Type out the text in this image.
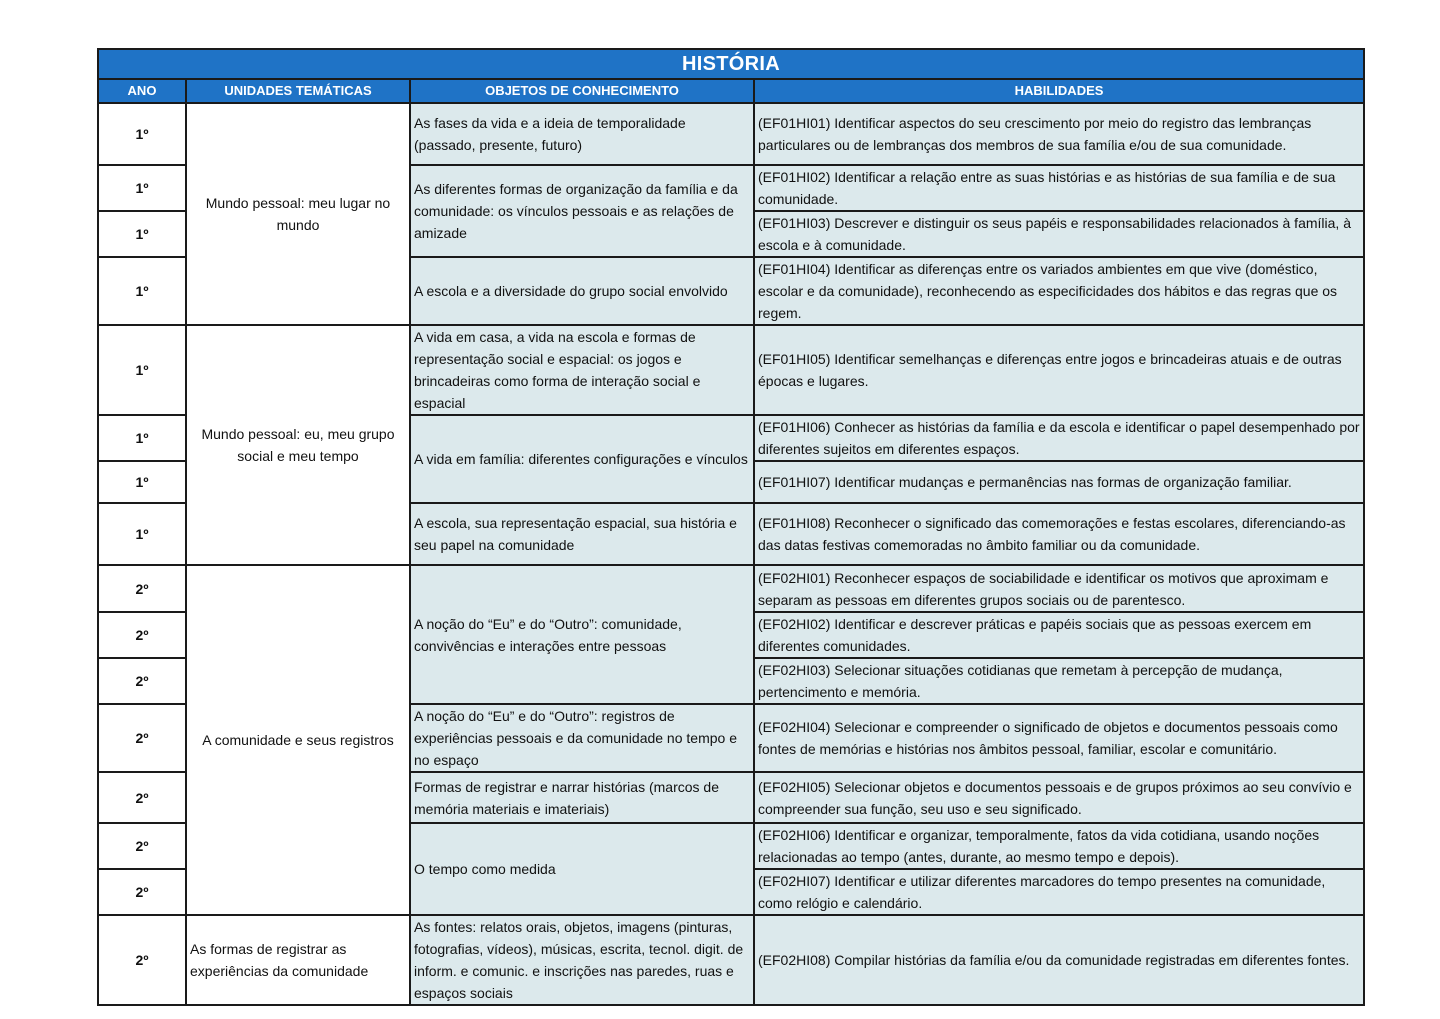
HISTÓRIA			
ANO	UNIDADES TEMÁTICAS	OBJETOS DE CONHECIMENTO	HABILIDADES
1º	Mundo pessoal: meu lugar no mundo	As fases da vida e a ideia de temporalidade (passado, presente, futuro)	(EF01HI01) Identificar aspectos do seu crescimento por meio do registro das lembranças particulares ou de lembranças dos membros de sua família e/ou de sua comunidade.
1º		As diferentes formas de organização da família e da comunidade: os vínculos pessoais e as relações de amizade	(EF01HI02) Identificar a relação entre as suas histórias e as histórias de sua família e de sua comunidade.
1º			(EF01HI03) Descrever e distinguir os seus papéis e responsabilidades relacionados à família, à escola e à comunidade.
1º		A escola e a diversidade do grupo social envolvido	(EF01HI04) Identificar as diferenças entre os variados ambientes em que vive (doméstico, escolar e da comunidade), reconhecendo as especificidades dos hábitos e das regras que os regem.
1º	Mundo pessoal: eu, meu grupo social e meu tempo	A vida em casa, a vida na escola e formas de representação social e espacial: os jogos e brincadeiras como forma de interação social e espacial	(EF01HI05) Identificar semelhanças e diferenças entre jogos e brincadeiras atuais e de outras épocas e lugares.
1º		A vida em família: diferentes configurações e vínculos	(EF01HI06) Conhecer as histórias da família e da escola e identificar o papel desempenhado por diferentes sujeitos em diferentes espaços.
1º			(EF01HI07) Identificar mudanças e permanências nas formas de organização familiar.
1º		A escola, sua representação espacial, sua história e seu papel na comunidade	(EF01HI08) Reconhecer o significado das comemorações e festas escolares, diferenciando-as das datas festivas comemoradas no âmbito familiar ou da comunidade.
2º	A comunidade e seus registros	A noção do “Eu” e do “Outro”: comunidade, convivências e interações entre pessoas	(EF02HI01) Reconhecer espaços de sociabilidade e identificar os motivos que aproximam e separam as pessoas em diferentes grupos sociais ou de parentesco.
2º			(EF02HI02) Identificar e descrever práticas e papéis sociais que as pessoas exercem em diferentes comunidades.
2º			(EF02HI03) Selecionar situações cotidianas que remetam à percepção de mudança, pertencimento e memória.
2º		A noção do “Eu” e do “Outro”: registros de experiências pessoais e da comunidade no tempo e no espaço	(EF02HI04) Selecionar e compreender o significado de objetos e documentos pessoais como fontes de memórias e histórias nos âmbitos pessoal, familiar, escolar e comunitário.
2º		Formas de registrar e narrar histórias (marcos de memória materiais e imateriais)	(EF02HI05) Selecionar objetos e documentos pessoais e de grupos próximos ao seu convívio e compreender sua função, seu uso e seu significado.
2º		O tempo como medida	(EF02HI06) Identificar e organizar, temporalmente, fatos da vida cotidiana, usando noções relacionadas ao tempo (antes, durante, ao mesmo tempo e depois).
2º			(EF02HI07) Identificar e utilizar diferentes marcadores do tempo presentes na comunidade, como relógio e calendário.
2º	As formas de registrar as experiências da comunidade	As fontes: relatos orais, objetos, imagens (pinturas, fotografias, vídeos), músicas, escrita, tecnol. digit. de inform. e comunic. e inscrições nas paredes, ruas e espaços sociais	(EF02HI08) Compilar histórias da família e/ou da comunidade registradas em diferentes fontes.
